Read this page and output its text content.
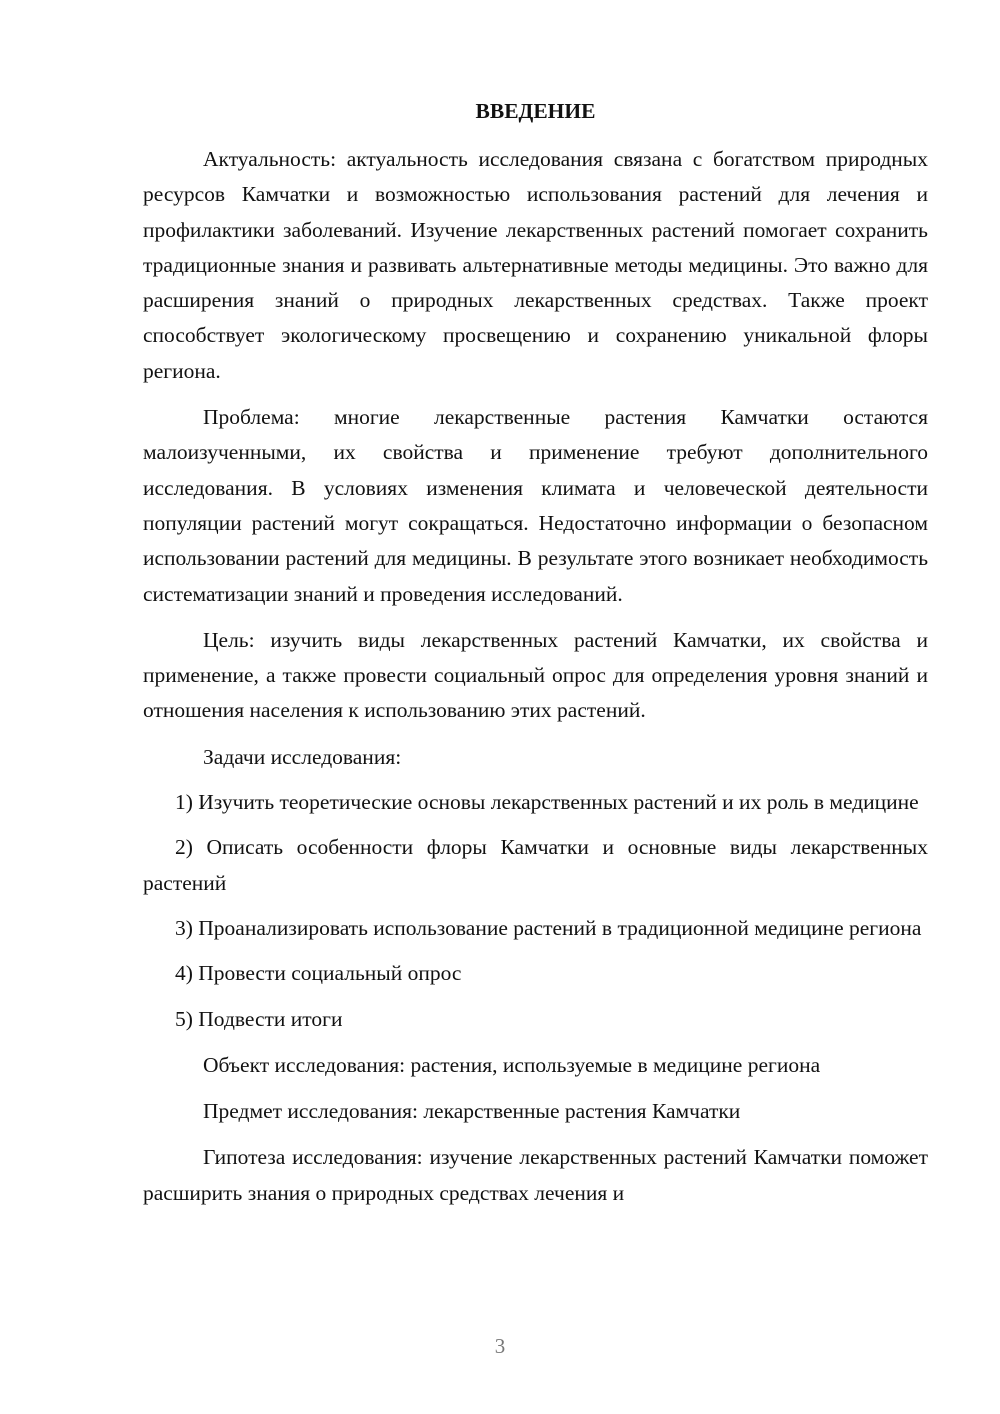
ВВЕДЕНИЕ

Актуальность: актуальность исследования связана с богатством природных ресурсов Камчатки и возможностью использования растений для лечения и профилактики заболеваний. Изучение лекарственных растений помогает сохранить традиционные знания и развивать альтернативные методы медицины. Это важно для расширения знаний о природных лекарственных средствах. Также проект способствует экологическому просвещению и сохранению уникальной флоры региона.

Проблема: многие лекарственные растения Камчатки остаются малоизученными, их свойства и применение требуют дополнительного исследования. В условиях изменения климата и человеческой деятельности популяции растений могут сокращаться. Недостаточно информации о безопасном использовании растений для медицины. В результате этого возникает необходимость систематизации знаний и проведения исследований.

Цель: изучить виды лекарственных растений Камчатки, их свойства и применение, а также провести социальный опрос для определения уровня знаний и отношения населения к использованию этих растений.

Задачи исследования:

1) Изучить теоретические основы лекарственных растений и их роль в медицине

2) Описать особенности флоры Камчатки и основные виды лекарственных растений

3) Проанализировать использование растений в традиционной медицине региона

4) Провести социальный опрос

5) Подвести итоги

Объект исследования: растения, используемые в медицине региона

Предмет исследования: лекарственные растения Камчатки

Гипотеза исследования: изучение лекарственных растений Камчатки поможет расширить знания о природных средствах лечения и

3
